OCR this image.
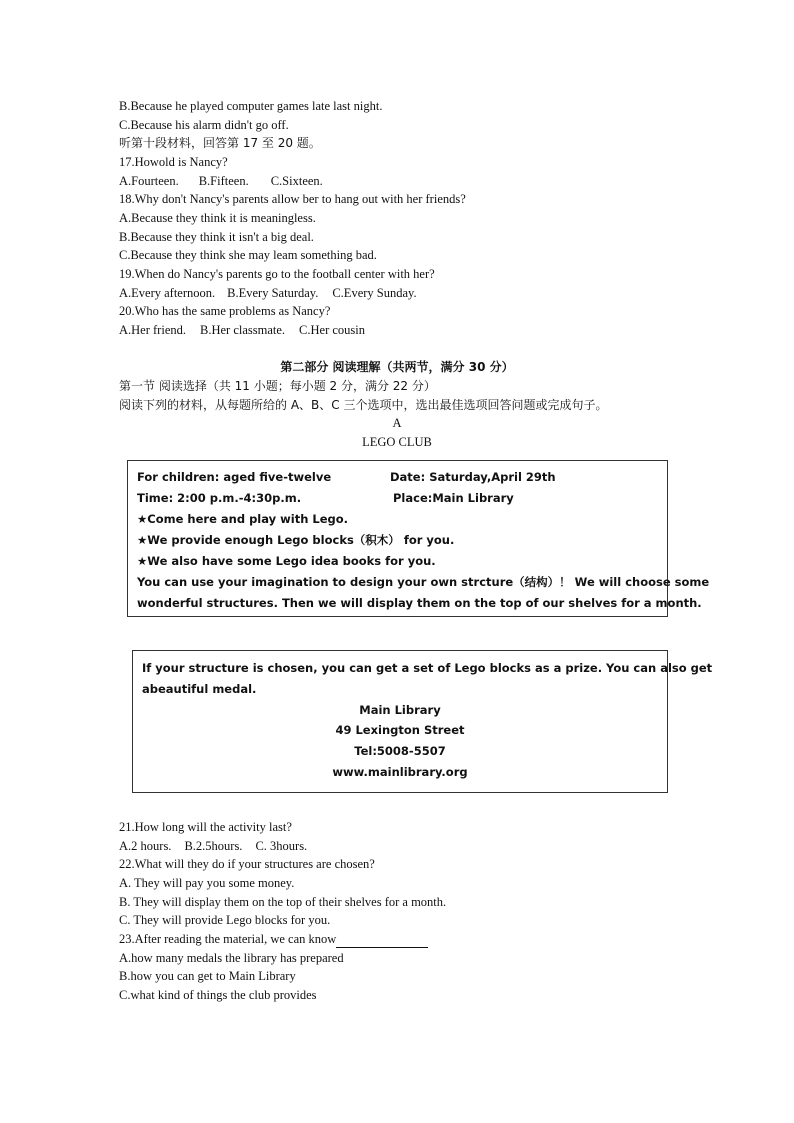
B.Because he played computer games late last night.
C.Because his alarm didn't go off.
听第十段材料，回答第 17 至 20 题。
17.Howold is Nancy?
A.Fourteen. B.Fifteen. C.Sixteen.
18.Why don't Nancy's parents allow ber to hang out with her friends?
A.Because they think it is meaningless.
B.Because they think it isn't a big deal.
C.Because they think she may leam something bad.
19.When do Nancy's parents go to the football center with her?
A.Every afternoon. B.Every Saturday. C.Every Sunday.
20.Who has the same problems as Nancy?
A.Her friend. B.Her classmate. C.Her cousin
第二部分 阅读理解（共两节，满分 30 分）
第一节 阅读选择（共 11 小题；每小题 2 分，满分 22 分）
阅读下列的材料，从每题所给的 A、B、C 三个选项中，选出最佳选项回答问题或完成句子。
A
LEGO CLUB
For children: aged five-twelve	Date: Saturday,April 29th
Time: 2:00 p.m.-4:30p.m.	Place:Main Library
★Come here and play with Lego.
★We provide enough Lego blocks（积木） for you.
★We also have some Lego idea books for you.
You can use your imagination to design your own strcture（结构）！ We will choose some
wonderful structures. Then we will display them on the top of our shelves for a month.
If your structure is chosen, you can get a set of Lego blocks as a prize. You can also get
abeautiful medal.
Main Library
49 Lexington Street
Tel:5008-5507
www.mainlibrary.org
21.How long will the activity last?
A.2 hours. B.2.5hours. C. 3hours.
22.What will they do if your structures are chosen?
A. They will pay you some money.
B. They will display them on the top of their shelves for a month.
C. They will provide Lego blocks for you.
23.After reading the material, we can know
A.how many medals the library has prepared
B.how you can get to Main Library
C.what kind of things the club provides
